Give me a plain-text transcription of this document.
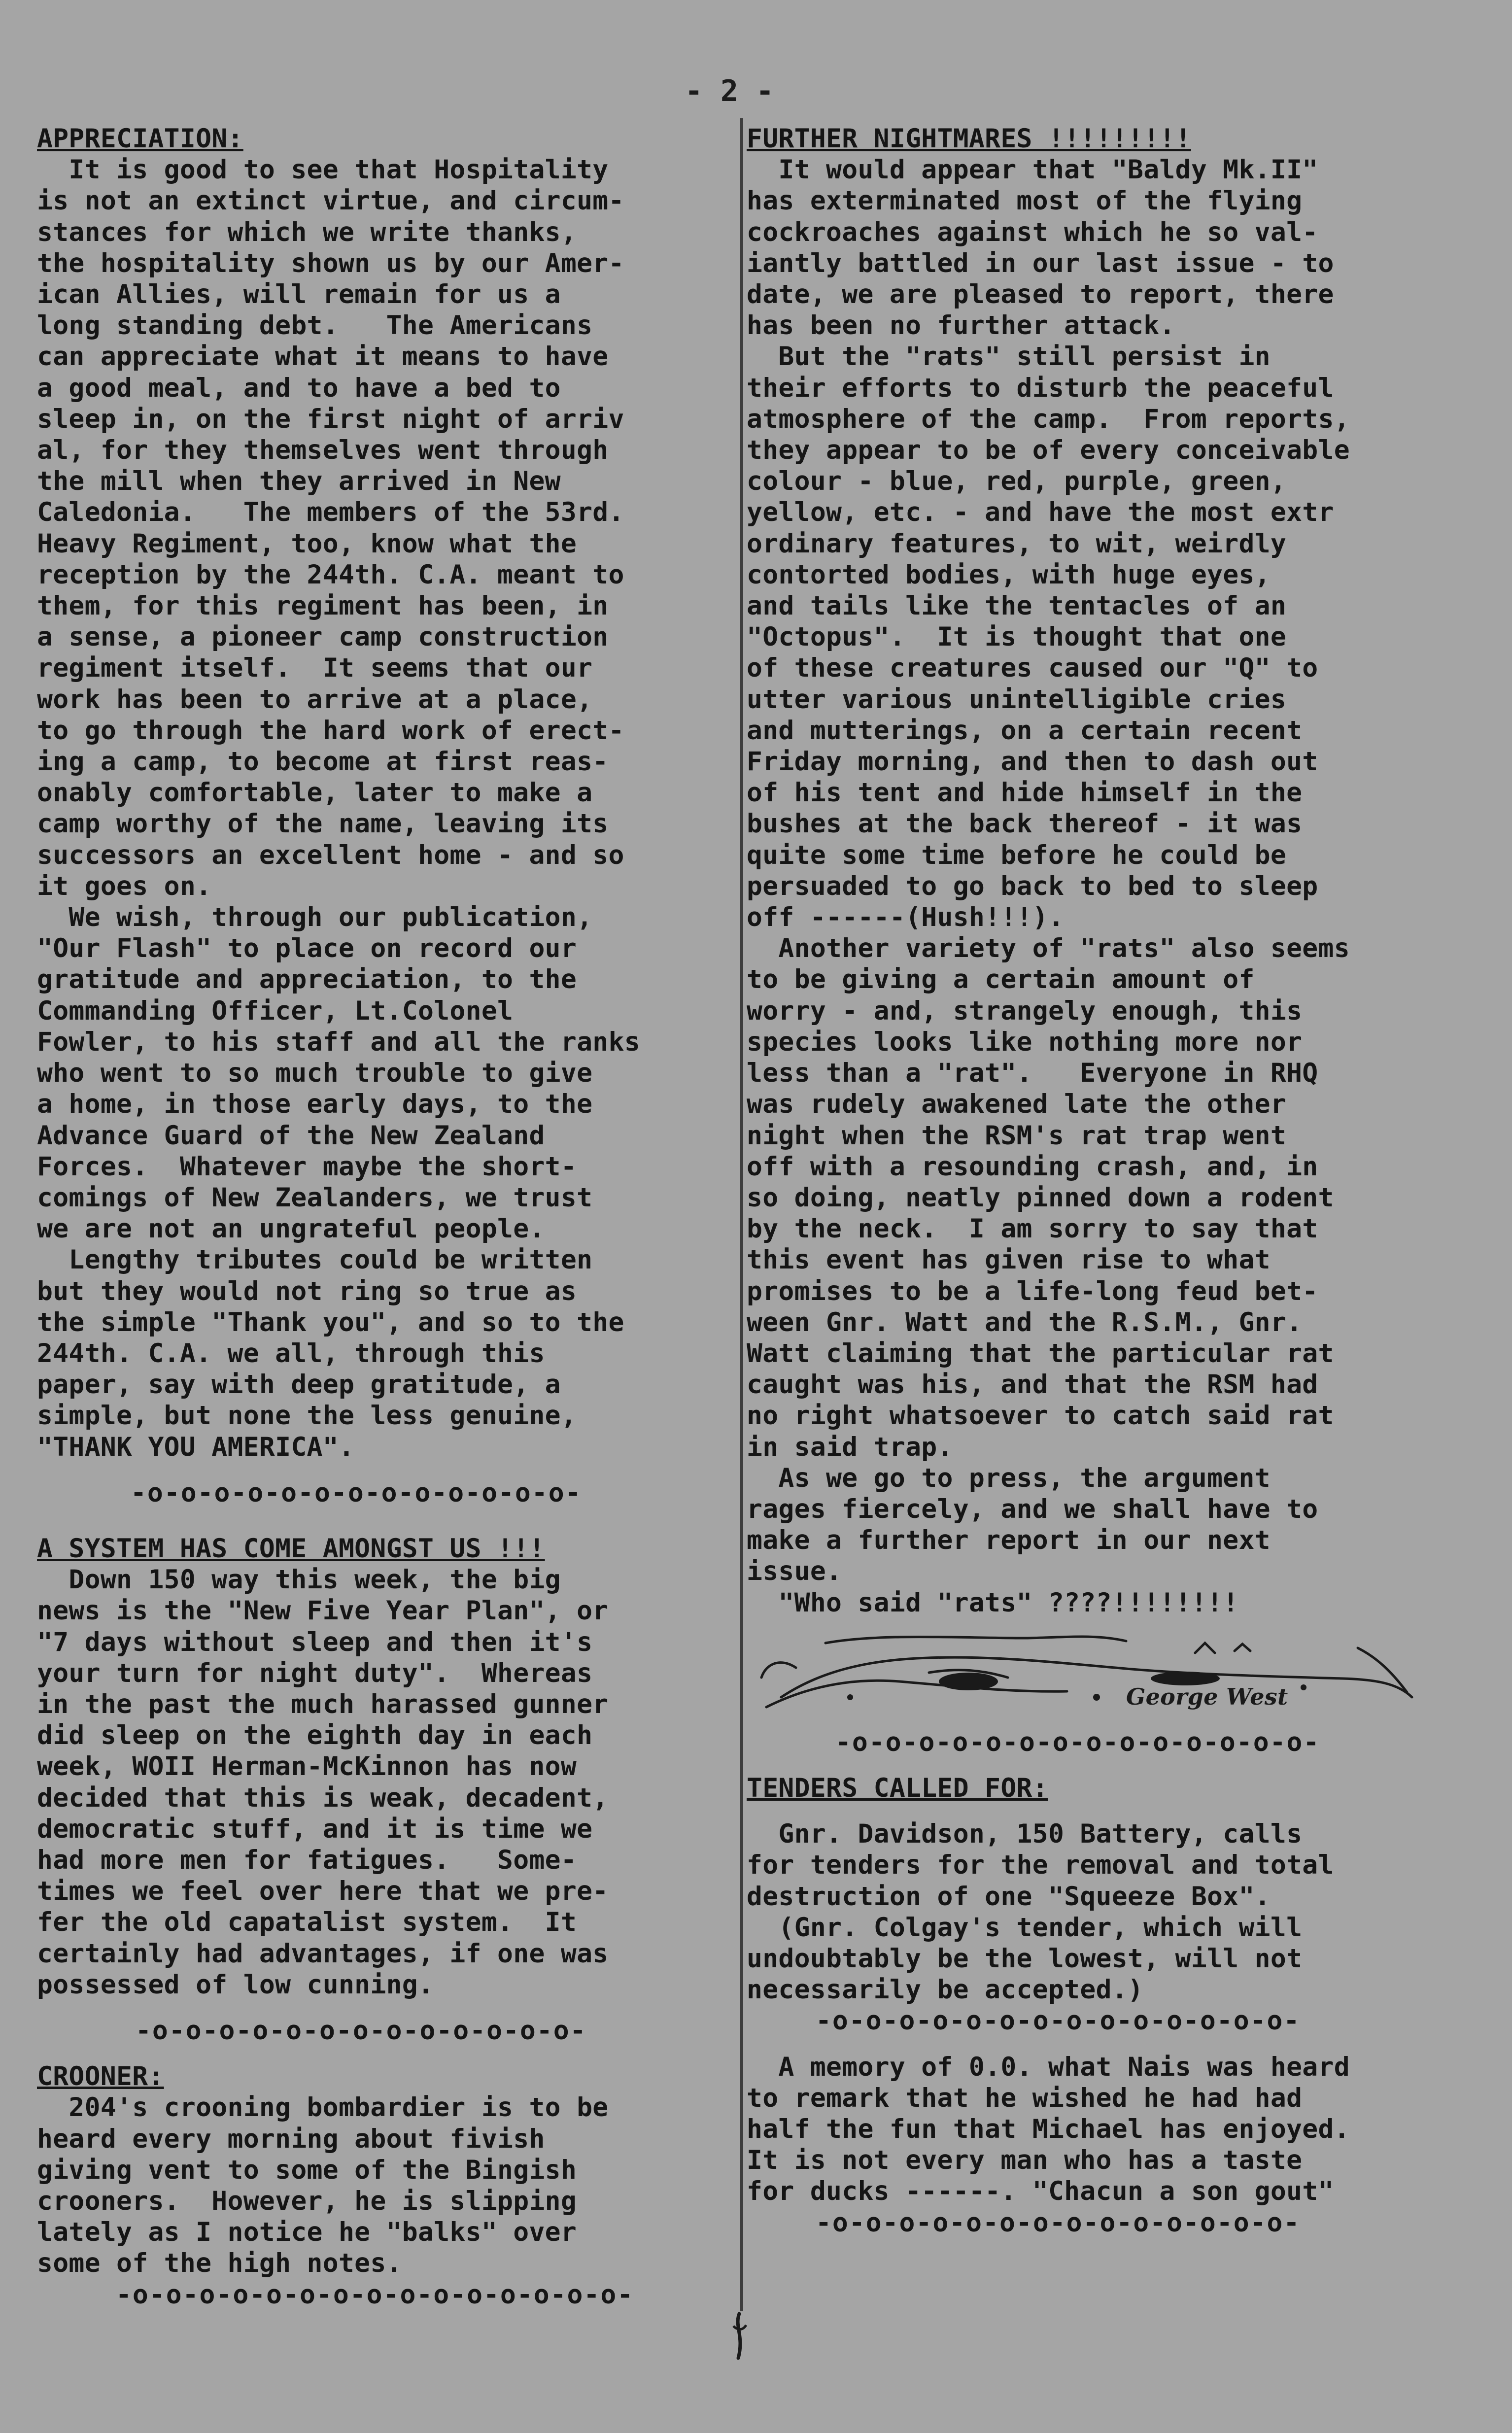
- 2 -
APPRECIATION:
It is good to see that Hospitality
is not an extinct virtue, and circum-
stances for which we write thanks,
the hospitality shown us by our Amer-
ican Allies, will remain for us a
long standing debt.   The Americans
can appreciate what it means to have
a good meal, and to have a bed to
sleep in, on the first night of arriv
al, for they themselves went through
the mill when they arrived in New
Caledonia.   The members of the 53rd.
Heavy Regiment, too, know what the
reception by the 244th. C.A. meant to
them, for this regiment has been, in
a sense, a pioneer camp construction
regiment itself.  It seems that our
work has been to arrive at a place,
to go through the hard work of erect-
ing a camp, to become at first reas-
onably comfortable, later to make a
camp worthy of the name, leaving its
successors an excellent home - and so
it goes on.
We wish, through our publication,
"Our Flash" to place on record our
gratitude and appreciation, to the
Commanding Officer, Lt.Colonel
Fowler, to his staff and all the ranks
who went to so much trouble to give
a home, in those early days, to the
Advance Guard of the New Zealand
Forces.  Whatever maybe the short-
comings of New Zealanders, we trust
we are not an ungrateful people.
Lengthy tributes could be written
but they would not ring so true as
the simple "Thank you", and so to the
244th. C.A. we all, through this
paper, say with deep gratitude, a
simple, but none the less genuine,
"THANK YOU AMERICA".
-o-o-o-o-o-o-o-o-o-o-o-o-o-
A SYSTEM HAS COME AMONGST US !!!
Down 150 way this week, the big
news is the "New Five Year Plan", or
"7 days without sleep and then it's
your turn for night duty".  Whereas
in the past the much harassed gunner
did sleep on the eighth day in each
week, WOII Herman-McKinnon has now
decided that this is weak, decadent,
democratic stuff, and it is time we
had more men for fatigues.   Some-
times we feel over here that we pre-
fer the old capatalist system.  It
certainly had advantages, if one was
possessed of low cunning.
-o-o-o-o-o-o-o-o-o-o-o-o-o-
CROONER:
204's crooning bombardier is to be
heard every morning about fivish
giving vent to some of the Bingish
crooners.  However, he is slipping
lately as I notice he "balks" over
some of the high notes.
-o-o-o-o-o-o-o-o-o-o-o-o-o-o-o-
FURTHER NIGHTMARES !!!!!!!!!
It would appear that "Baldy Mk.II"
has exterminated most of the flying
cockroaches against which he so val-
iantly battled in our last issue - to
date, we are pleased to report, there
has been no further attack.
But the "rats" still persist in
their efforts to disturb the peaceful
atmosphere of the camp.  From reports,
they appear to be of every conceivable
colour - blue, red, purple, green,
yellow, etc. - and have the most extr
ordinary features, to wit, weirdly
contorted bodies, with huge eyes,
and tails like the tentacles of an
"Octopus".  It is thought that one
of these creatures caused our "Q" to
utter various unintelligible cries
and mutterings, on a certain recent
Friday morning, and then to dash out
of his tent and hide himself in the
bushes at the back thereof - it was
quite some time before he could be
persuaded to go back to bed to sleep
off ------(Hush!!!).
Another variety of "rats" also seems
to be giving a certain amount of
worry - and, strangely enough, this
species looks like nothing more nor
less than a "rat".   Everyone in RHQ
was rudely awakened late the other
night when the RSM's rat trap went
off with a resounding crash, and, in
so doing, neatly pinned down a rodent
by the neck.  I am sorry to say that
this event has given rise to what
promises to be a life-long feud bet-
ween Gnr. Watt and the R.S.M., Gnr.
Watt claiming that the particular rat
caught was his, and that the RSM had
no right whatsoever to catch said rat
in said trap.
As we go to press, the argument
rages fiercely, and we shall have to
make a further report in our next
issue.
"Who said "rats" ????!!!!!!!!
George West
-o-o-o-o-o-o-o-o-o-o-o-o-o-o-
TENDERS CALLED FOR:
Gnr. Davidson, 150 Battery, calls
for tenders for the removal and total
destruction of one "Squeeze Box".
(Gnr. Colgay's tender, which will
undoubtably be the lowest, will not
necessarily be accepted.)
-o-o-o-o-o-o-o-o-o-o-o-o-o-o-
A memory of 0.0. what Nais was heard
to remark that he wished he had had
half the fun that Michael has enjoyed.
It is not every man who has a taste
for ducks ------. "Chacun a son gout"
-o-o-o-o-o-o-o-o-o-o-o-o-o-o-
